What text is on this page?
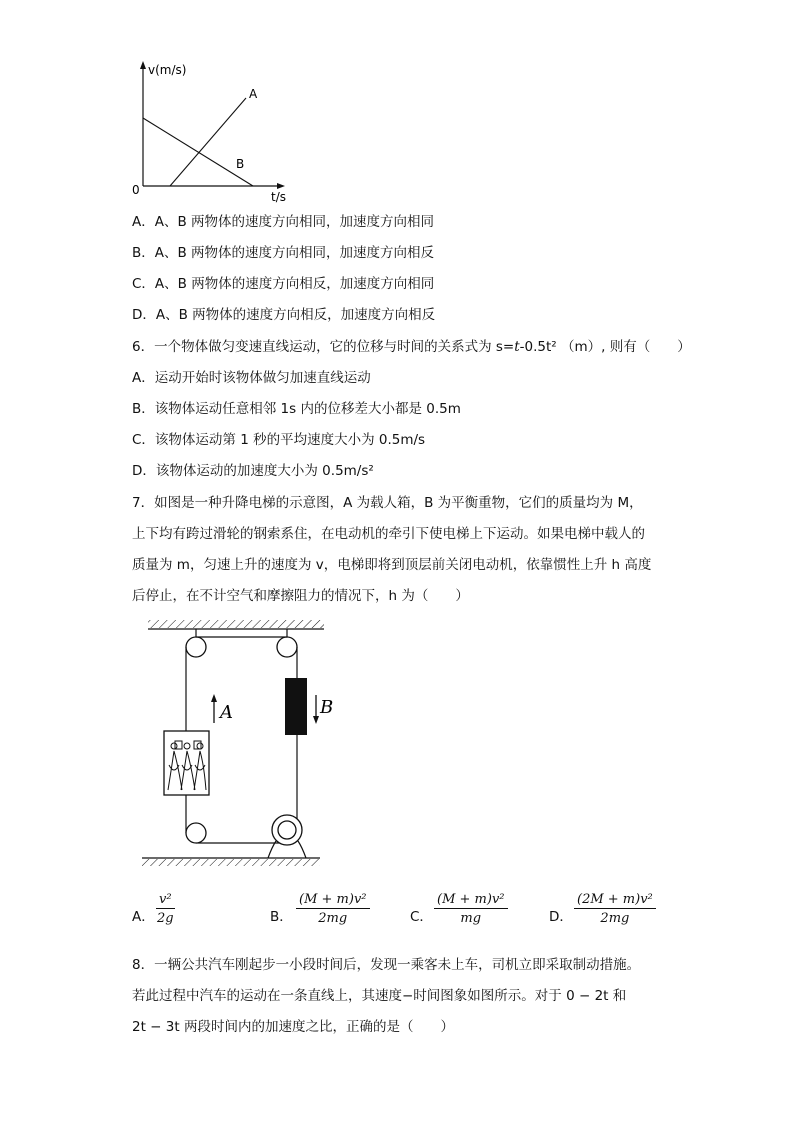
v(m/s)
t/s
0
A
B
A．A、B 两物体的速度方向相同，加速度方向相同
B．A、B 两物体的速度方向相同，加速度方向相反
C．A、B 两物体的速度方向相反，加速度方向相同
D．A、B 两物体的速度方向相反，加速度方向相反
6．一个物体做匀变速直线运动，它的位移与时间的关系式为 s=t-0.5t² （m）, 则有（　　）
A．运动开始时该物体做匀加速直线运动
B．该物体运动任意相邻 1s 内的位移差大小都是 0.5m
C．该物体运动第 1 秒的平均速度大小为 0.5m/s
D．该物体运动的加速度大小为 0.5m/s²
7．如图是一种升降电梯的示意图，A 为载人箱，B 为平衡重物，它们的质量均为 M，
上下均有跨过滑轮的钢索系住，在电动机的牵引下使电梯上下运动。如果电梯中载人的
质量为 m，匀速上升的速度为 v，电梯即将到顶层前关闭电动机，依靠惯性上升 h 高度
后停止，在不计空气和摩擦阻力的情况下，h 为（　　）
A	B
A． $\frac{\text{v²}}{2g}$	B． $\frac{\text{(M + m)v²}}{2mg}$	C． $\frac{\text{(M + m)v²}}{mg}$	D． $\frac{\text{(2M + m)v²}}{2mg}$
8．一辆公共汽车刚起步一小段时间后，发现一乘客未上车，司机立即采取制动措施。
若此过程中汽车的运动在一条直线上，其速度−时间图象如图所示。对于 0 − 2t 和
2t − 3t 两段时间内的加速度之比，正确的是（　　）
